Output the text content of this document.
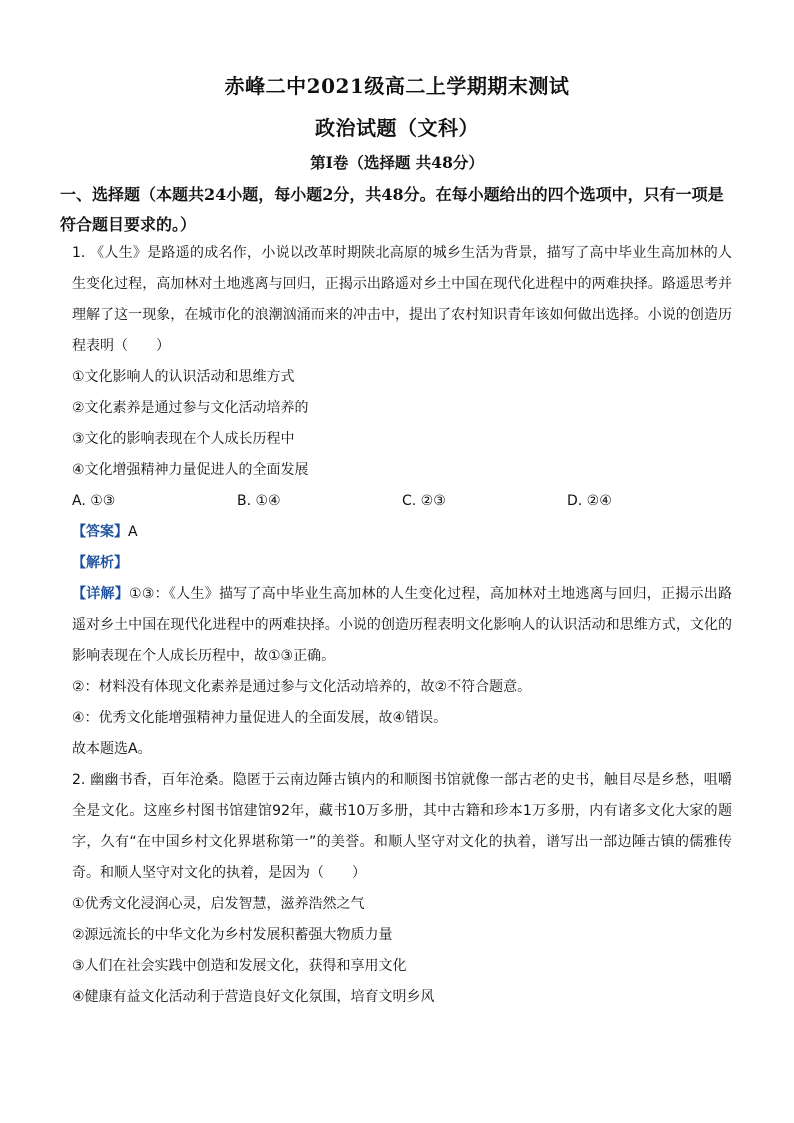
赤峰二中2021级高二上学期期末测试
政治试题（文科）
第Ⅰ卷（选择题 共48分）
一、选择题（本题共24小题，每小题2分，共48分。在每小题给出的四个选项中，只有一项是符合题目要求的。）
1. 《人生》是路遥的成名作，小说以改革时期陕北高原的城乡生活为背景，描写了高中毕业生高加林的人生变化过程，高加林对土地逃离与回归，正揭示出路遥对乡土中国在现代化进程中的两难抉择。路遥思考并理解了这一现象，在城市化的浪潮汹涌而来的冲击中，提出了农村知识青年该如何做出选择。小说的创造历程表明（　　）
①文化影响人的认识活动和思维方式
②文化素养是通过参与文化活动培养的
③文化的影响表现在个人成长历程中
④文化增强精神力量促进人的全面发展
A. ①③	B. ①④	C. ②③	D. ②④
【答案】A
【解析】
【详解】①③：《人生》描写了高中毕业生高加林的人生变化过程，高加林对土地逃离与回归，正揭示出路遥对乡土中国在现代化进程中的两难抉择。小说的创造历程表明文化影响人的认识活动和思维方式，文化的影响表现在个人成长历程中，故①③正确。
②：材料没有体现文化素养是通过参与文化活动培养的，故②不符合题意。
④：优秀文化能增强精神力量促进人的全面发展，故④错误。
故本题选A。
2. 幽幽书香，百年沧桑。隐匿于云南边陲古镇内的和顺图书馆就像一部古老的史书，触目尽是乡愁，咀嚼全是文化。这座乡村图书馆建馆92年，藏书10万多册，其中古籍和珍本1万多册，内有诸多文化大家的题字，久有“在中国乡村文化界堪称第一”的美誉。和顺人坚守对文化的执着，谱写出一部边陲古镇的儒雅传奇。和顺人坚守对文化的执着，是因为（　　）
①优秀文化浸润心灵，启发智慧，滋养浩然之气
②源远流长的中华文化为乡村发展积蓄强大物质力量
③人们在社会实践中创造和发展文化，获得和享用文化
④健康有益文化活动利于营造良好文化氛围，培育文明乡风
